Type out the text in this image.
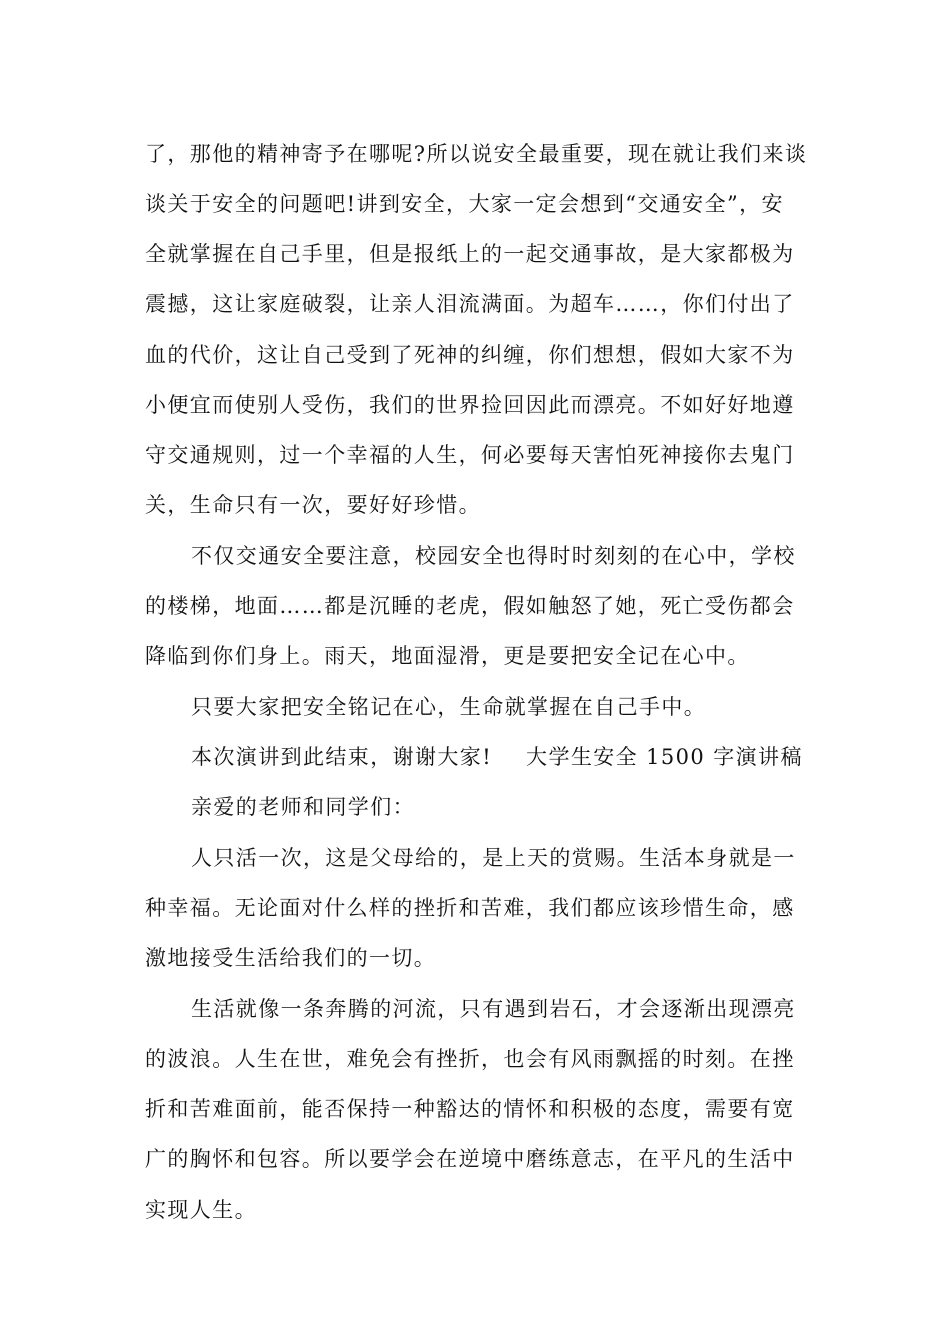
了，那他的精神寄予在哪呢?所以说安全最重要，现在就让我们来谈
谈关于安全的问题吧!讲到安全，大家一定会想到“交通安全”，安
全就掌握在自己手里，但是报纸上的一起交通事故，是大家都极为
震撼，这让家庭破裂，让亲人泪流满面。为超车……，你们付出了
血的代价，这让自己受到了死神的纠缠，你们想想，假如大家不为
小便宜而使别人受伤，我们的世界捡回因此而漂亮。不如好好地遵
守交通规则，过一个幸福的人生，何必要每天害怕死神接你去鬼门
关，生命只有一次，要好好珍惜。
不仅交通安全要注意，校园安全也得时时刻刻的在心中，学校
的楼梯，地面……都是沉睡的老虎，假如触怒了她，死亡受伤都会
降临到你们身上。雨天，地面湿滑，更是要把安全记在心中。
只要大家把安全铭记在心，生命就掌握在自己手中。
本次演讲到此结束，谢谢大家! 大学生安全 1500 字演讲稿
亲爱的老师和同学们：
人只活一次，这是父母给的，是上天的赏赐。生活本身就是一
种幸福。无论面对什么样的挫折和苦难，我们都应该珍惜生命，感
激地接受生活给我们的一切。
生活就像一条奔腾的河流，只有遇到岩石，才会逐渐出现漂亮
的波浪。人生在世，难免会有挫折，也会有风雨飘摇的时刻。在挫
折和苦难面前，能否保持一种豁达的情怀和积极的态度，需要有宽
广的胸怀和包容。所以要学会在逆境中磨练意志，在平凡的生活中
实现人生。
